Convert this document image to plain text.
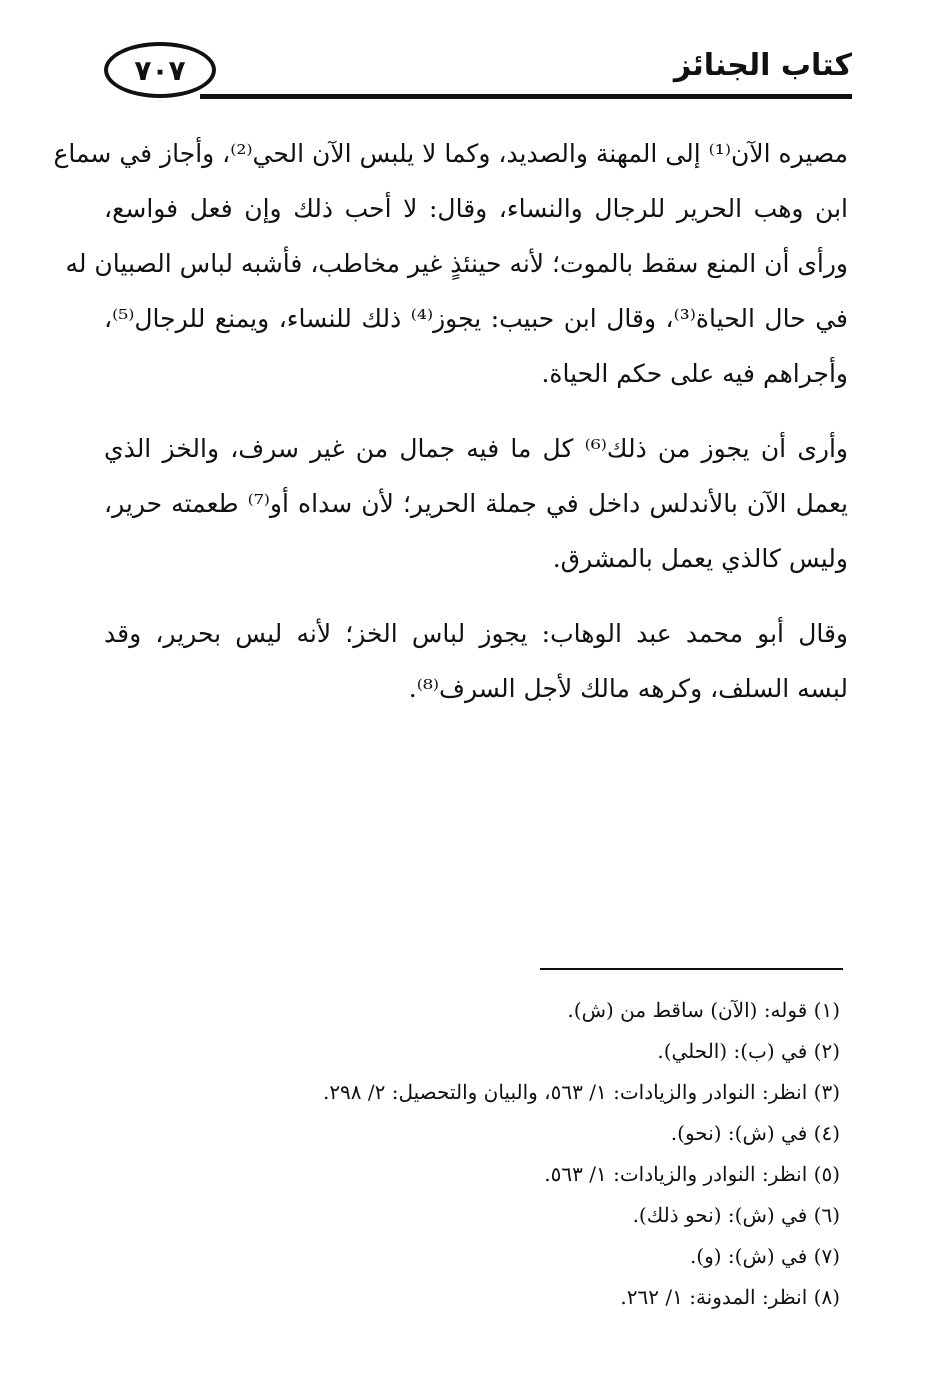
٧٠٧	كتاب الجنائز
مصيره الآن⁽¹⁾ إلى المهنة والصديد، وكما لا يلبس الآن الحي⁽²⁾، وأجاز في سماع
ابن وهب الحرير للرجال والنساء، وقال: لا أحب ذلك وإن فعل فواسع،
ورأى أن المنع سقط بالموت؛ لأنه حينئذٍ غير مخاطب، فأشبه لباس الصبيان له
في حال الحياة⁽³⁾، وقال ابن حبيب: يجوز⁽⁴⁾ ذلك للنساء، ويمنع للرجال⁽⁵⁾،
وأجراهم فيه على حكم الحياة.
وأرى أن يجوز من ذلك⁽⁶⁾ كل ما فيه جمال من غير سرف، والخز الذي
يعمل الآن بالأندلس داخل في جملة الحرير؛ لأن سداه أو⁽⁷⁾ طعمته حرير،
وليس كالذي يعمل بالمشرق.
وقال أبو محمد عبد الوهاب: يجوز لباس الخز؛ لأنه ليس بحرير، وقد
لبسه السلف، وكرهه مالك لأجل السرف⁽⁸⁾.
(١) قوله: (الآن) ساقط من (ش).
(٢) في (ب): (الحلي).
(٣) انظر: النوادر والزيادات: ١/ ٥٦٣، والبيان والتحصيل: ٢/ ٢٩٨.
(٤) في (ش): (نحو).
(٥) انظر: النوادر والزيادات: ١/ ٥٦٣.
(٦) في (ش): (نحو ذلك).
(٧) في (ش): (و).
(٨) انظر: المدونة: ١/ ٢٦٢.
